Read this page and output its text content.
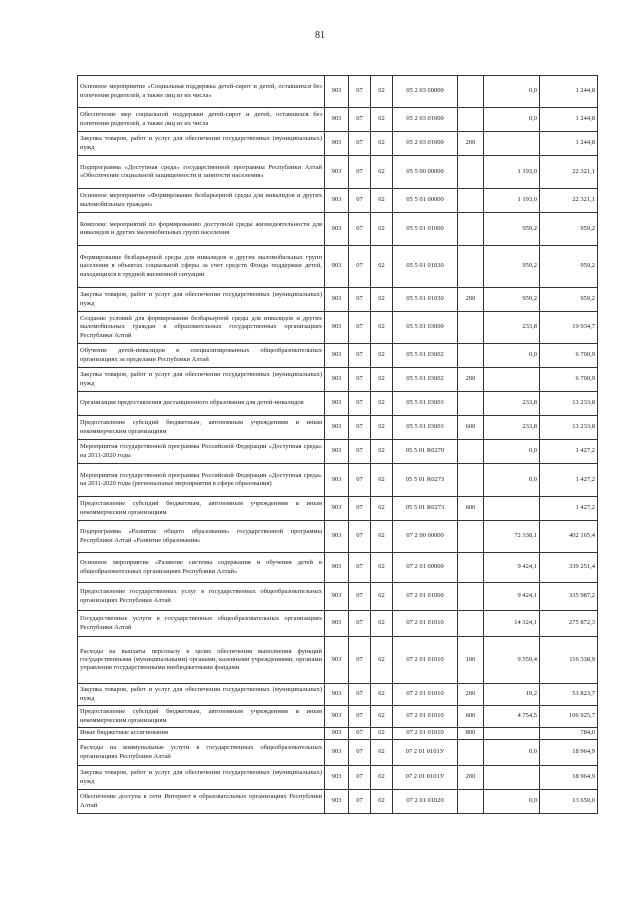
81
Основное мероприятие «Социальная поддержка детей-сирот и детей, оставшихся без попечения родителей, а также лиц из их числа»	903	07	02	05 2 03 00000		0,0	1 244,8
Обеспечение мер социальной поддержки детей-сирот и детей, оставшихся без попечения родителей, а также лиц из их числа	903	07	02	05 2 03 01000		0,0	1 244,8
Закупка товаров, работ и услуг для обеспечения государственных (муниципальных) нужд	903	07	02	05 2 03 01000	200		1 244,8
Подпрограмма «Доступная среда» государственной программы Республики Алтай «Обеспечение социальной защищенности и занятости населения»	903	07	02	05 5 00 00000		1 193,0	22 321,1
Основное мероприятие «Формирование безбарьерной среды для инвалидов и других маломобильных граждан»	903	07	02	05 5 01 00000		1 193,0	22 321,1
Комплекс мероприятий по формированию доступной среды жизнедеятельности для инвалидов и других маломобильных групп населения	903	07	02	05 5 01 01000		959,2	959,2
Формирование безбарьерной среды для инвалидов и других маломобильных групп населения в объектах социальной сферы за счет средств Фонда поддержки детей, находящихся в трудной жизненной ситуации	903	07	02	05 5 01 01030		959,2	959,2
Закупка товаров, работ и услуг для обеспечения государственных (муниципальных) нужд	903	07	02	05 5 01 01030	200	959,2	959,2
Создание условий для формирования безбарьерной среды для инвалидов и других маломобильных граждан в образовательных государственных организациях Республики Алтай	903	07	02	05 5 01 03000		233,8	19 934,7
Обучение детей-инвалидов в специализированных общеобразовательных организациях за пределами Республики Алтай	903	07	02	05 5 01 03002		0,0	6 700,9
Закупка товаров, работ и услуг для обеспечения государственных (муниципальных) нужд	903	07	02	05 5 01 03002	200		6 700,9
Организация предоставления дистанционного образования для детей-инвалидов	903	07	02	05 5 01 03003		233,8	13 233,8
Предоставление субсидий бюджетным, автономным учреждениям и иным некоммерческим организациям	903	07	02	05 5 01 03003	600	233,8	13 233,8
Мероприятия государственной программы Российской Федерации «Доступная среда» на 2011-2020 годы	903	07	02	05 5 01 R0270		0,0	1 427,2
Мероприятия государственной программы Российской Федерации «Доступная среда» на 2011-2020 годы (региональные мероприятия в сфере образования)	903	07	02	05 5 01 R0273		0,0	1 427,2
Предоставление субсидий бюджетным, автономным учреждениям и иным некоммерческим организациям	903	07	02	05 5 01 R0273	600		1 427,2
Подпрограмма «Развитие общего образования» государственной программы Республики Алтай «Развитие образования»	903	07	02	07 2 00 00000		72 338,1	402 165,4
Основное мероприятие «Развитие системы содержания и обучения детей в общеобразовательных организациях Республики Алтай»	903	07	02	07 2 01 00000		9 424,1	339 251,4
Предоставление государственных услуг в государственных общеобразовательных организациях Республики Алтай	903	07	02	07 2 01 01000		9 424,1	335 987,2
Государственные услуги в государственных общеобразовательных организациях Республики Алтай	903	07	02	07 2 01 01010		14 324,1	275 872,3
Расходы на выплаты персоналу в целях обеспечения выполнения функций государственными (муниципальными) органами, казенными учреждениями, органами управления государственными внебюджетными фондами	903	07	02	07 2 01 01010	100	9 559,4	116 338,9
Закупка товаров, работ и услуг для обеспечения государственных (муниципальных) нужд	903	07	02	07 2 01 01010	200	10,2	51 823,7
Предоставление субсидий бюджетным, автономным учреждениям и иным некоммерческим организациям	903	07	02	07 2 01 01010	600	4 754,5	106 925,7
Иные бюджетные ассигнования	903	07	02	07 2 01 01010	800		784,0
Расходы на коммунальные услуги в государственных общеобразовательных организациях Республики Алтай	903	07	02	07 2 01 0101У		0,0	18 964,9
Закупка товаров, работ и услуг для обеспечения государственных (муниципальных) нужд	903	07	02	07 2 01 0101У	200		18 964,9
Обеспечение доступа к сети Интернет в образовательных организациях Республики Алтай	903	07	02	07 2 01 01020		0,0	13 650,0
